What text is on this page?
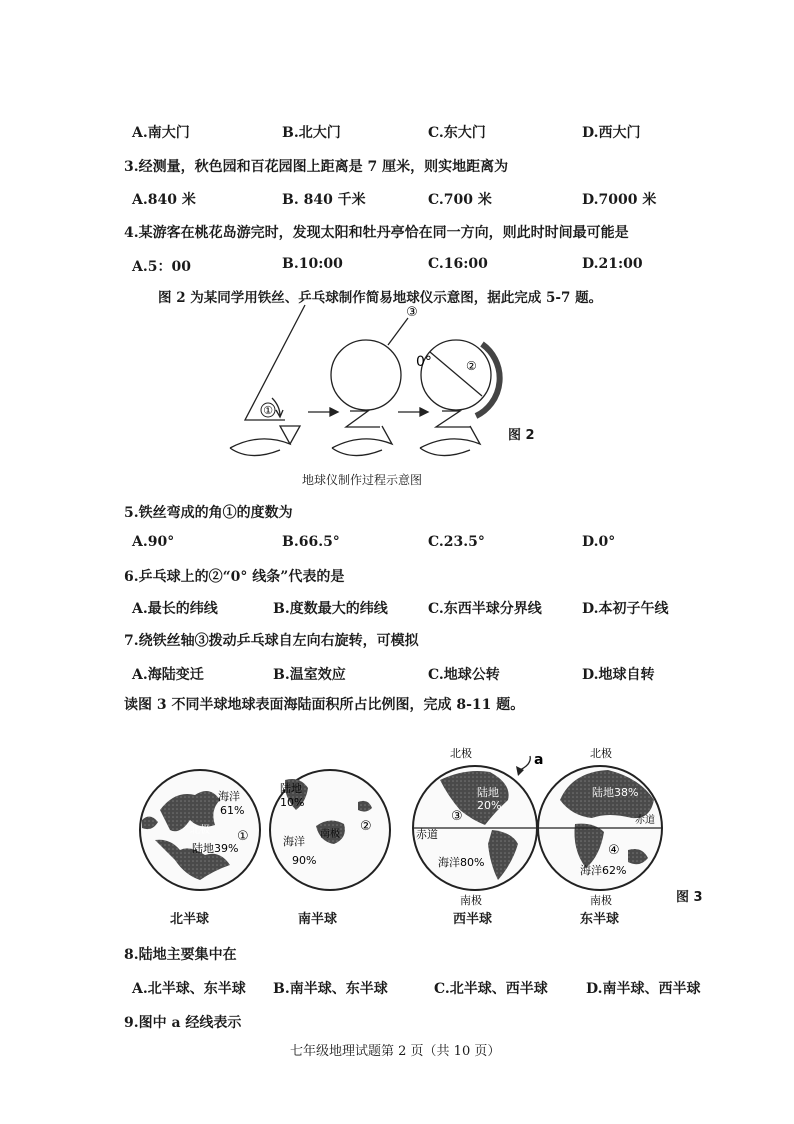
A.南大门	B.北大门	C.东大门	D.西大门
3.经测量，秋色园和百花园图上距离是 7 厘米，则实地距离为
A.840 米	B. 840 千米	C.700 米	D.7000 米
4.某游客在桃花岛游完时，发现太阳和牡丹亭恰在同一方向，则此时时间最可能是
A.5：00	B.10:00	C.16:00	D.21:00
图 2 为某同学用铁丝、乒乓球制作简易地球仪示意图，据此完成 5-7 题。
①
③
0°	②
图 2
地球仪制作过程示意图
5.铁丝弯成的角①的度数为
A.90°	B.66.5°	C.23.5°	D.0°
6.乒乓球上的②“0° 线条”代表的是
A.最长的纬线	B.度数最大的纬线	C.东西半球分界线	D.本初子午线
7.绕铁丝轴③拨动乒乓球自左向右旋转，可模拟
A.海陆变迁	B.温室效应	C.地球公转	D.地球自转
读图 3 不同半球地球表面海陆面积所占比例图，完成 8-11 题。
海洋
61%
北极
陆地39%
①
陆地
10%
南极
海洋
90%
②
北极
陆地
20%
赤道
海洋80%
南极
③
a	北极
陆地38%
赤道
海洋62%
南极
④
图 3
北半球	南半球	西半球	东半球
8.陆地主要集中在
A.北半球、东半球 B.南半球、东半球	C.北半球、西半球	D.南半球、西半球
9.图中 a 经线表示
七年级地理试题第 2 页（共 10 页）
